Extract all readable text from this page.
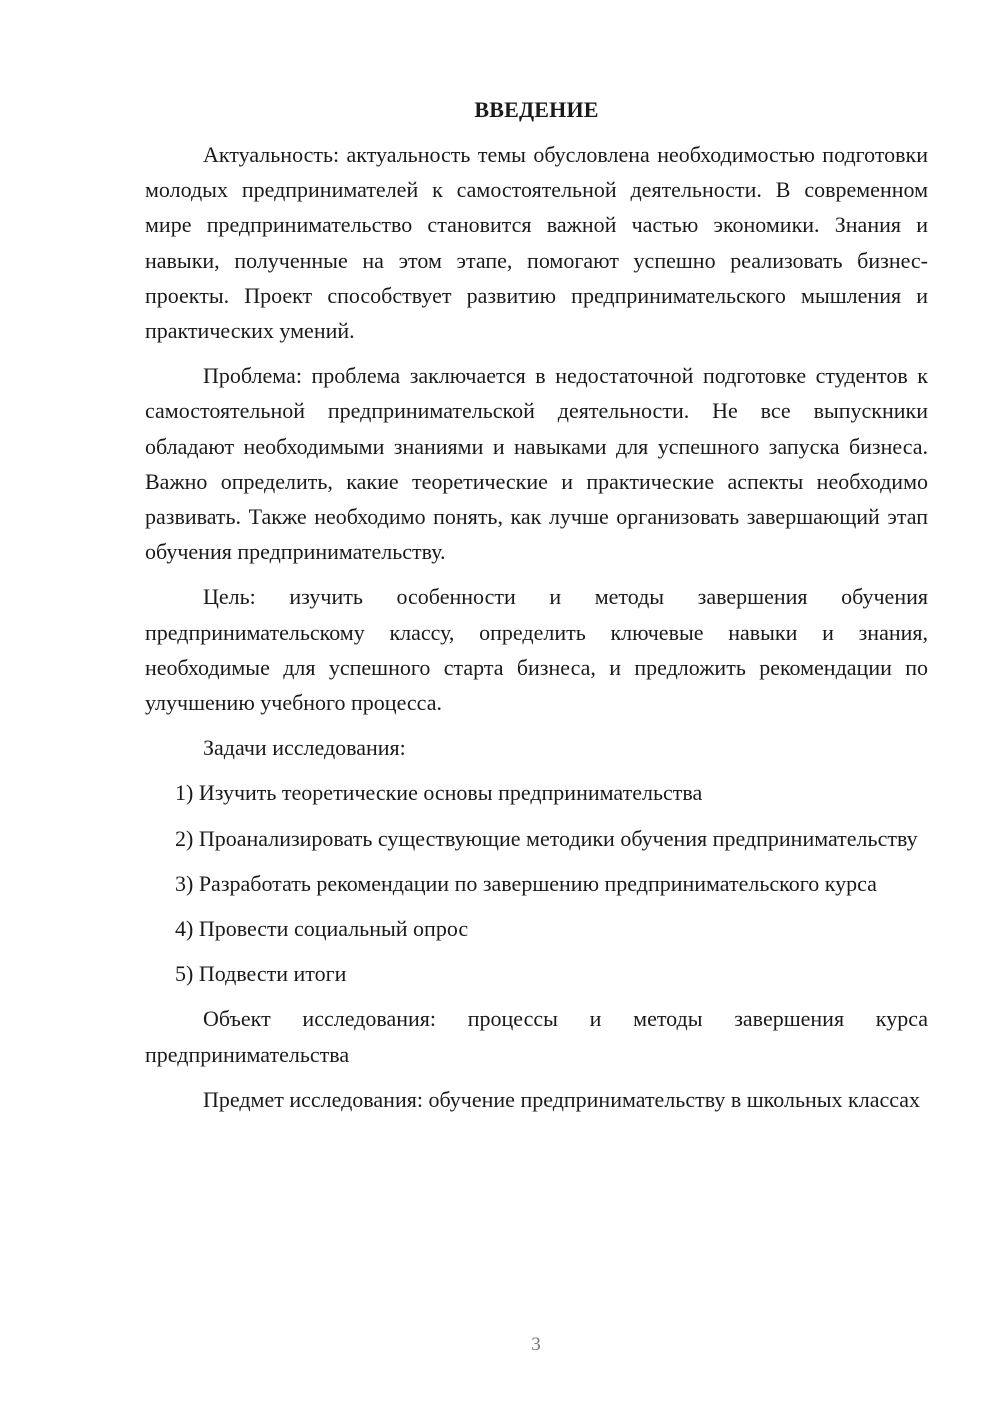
ВВЕДЕНИЕ

Актуальность: актуальность темы обусловлена необходимостью подготовки молодых предпринимателей к самостоятельной деятельности. В современном мире предпринимательство становится важной частью экономики. Знания и навыки, полученные на этом этапе, помогают успешно реализовать бизнес-проекты. Проект способствует развитию предпринимательского мышления и практических умений.

Проблема: проблема заключается в недостаточной подготовке студентов к самостоятельной предпринимательской деятельности. Не все выпускники обладают необходимыми знаниями и навыками для успешного запуска бизнеса. Важно определить, какие теоретические и практические аспекты необходимо развивать. Также необходимо понять, как лучше организовать завершающий этап обучения предпринимательству.

Цель: изучить особенности и методы завершения обучения предпринимательскому классу, определить ключевые навыки и знания, необходимые для успешного старта бизнеса, и предложить рекомендации по улучшению учебного процесса.

Задачи исследования:

1) Изучить теоретические основы предпринимательства

2) Проанализировать существующие методики обучения предпринимательству

3) Разработать рекомендации по завершению предпринимательского курса

4) Провести социальный опрос

5) Подвести итоги

Объект исследования: процессы и методы завершения курса предпринимательства

Предмет исследования: обучение предпринимательству в школьных классах

3
